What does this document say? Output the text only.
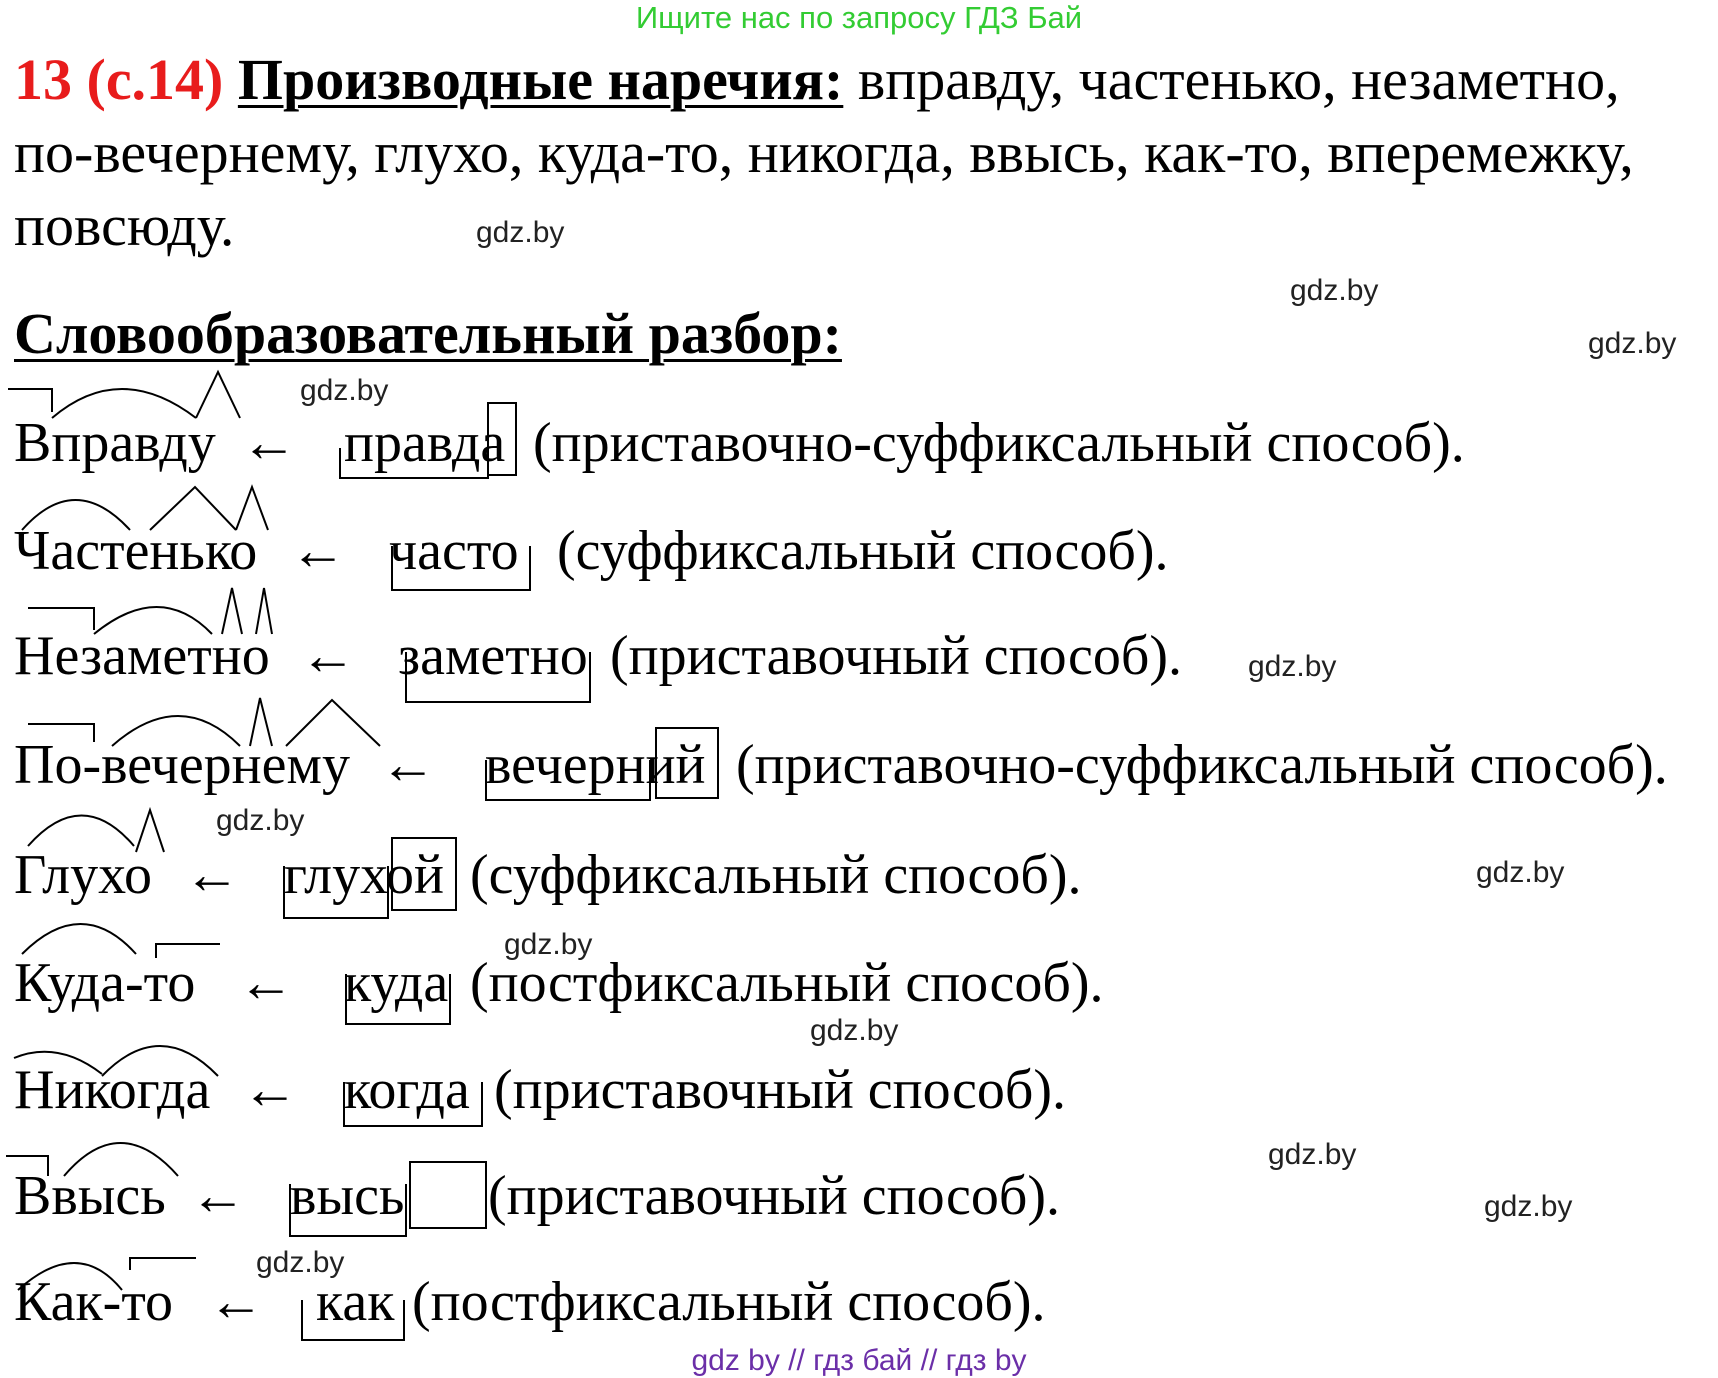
Ищите нас по запросу ГДЗ Бай
13 (с.14) Производные наречия: вправду, частенько, незаметно,
по-вечернему, глухо, куда-то, никогда, ввысь, как-то, вперемежку,
повсюду.
Словообразовательный разбор:
Вправду ← правда (приставочно-суффиксальный способ).
Частенько ← часто (суффиксальный способ).
Незаметно ← заметно (приставочный способ).
По-вечернему ← вечерний (приставочно-суффиксальный способ).
Глухо ← глухой (суффиксальный способ).
Куда-то ← куда (постфиксальный способ).
Никогда ← когда (приставочный способ).
Ввысь ← высь (приставочный способ).
Как-то ← как (постфиксальный способ).
gdz.by
gdz.by
gdz.by
gdz.by
gdz.by
gdz.by
gdz.by
gdz.by
gdz.by
gdz.by
gdz.by
gdz.by
gdz by // гдз бай // гдз by
